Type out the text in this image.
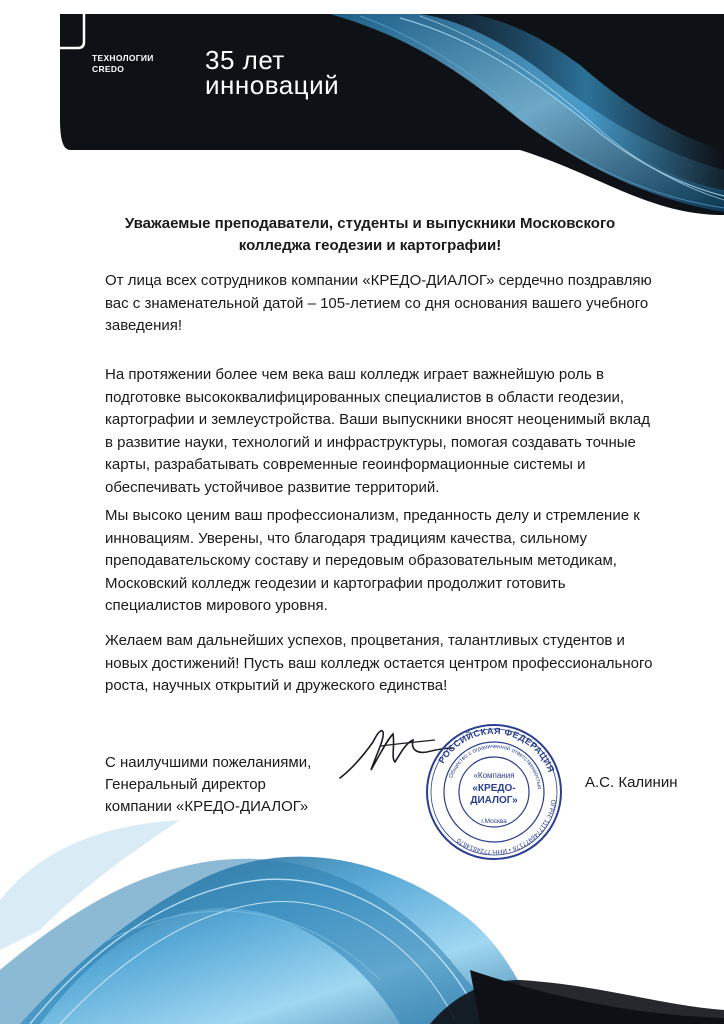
ТЕХНОЛОГИИ
CREDO	35 лет
инноваций
Уважаемые преподаватели, студенты и выпускники Московского
колледжа геодезии и картографии!
От лица всех сотрудников компании «КРЕДО-ДИАЛОГ» сердечно поздравляю
вас с знаменательной датой – 105-летием со дня основания вашего учебного
заведения!
На протяжении более чем века ваш колледж играет важнейшую роль в
подготовке высококвалифицированных специалистов в области геодезии,
картографии и землеустройства. Ваши выпускники вносят неоценимый вклад
в развитие науки, технологий и инфраструктуры, помогая создавать точные
карты, разрабатывать современные геоинформационные системы и
обеспечивать устойчивое развитие территорий.
Мы высоко ценим ваш профессионализм, преданность делу и стремление к
инновациям. Уверены, что благодаря традициям качества, сильному
преподавательскому составу и передовым образовательным методикам,
Московский колледж геодезии и картографии продолжит готовить
специалистов мирового уровня.
Желаем вам дальнейших успехов, процветания, талантливых студентов и
новых достижений! Пусть ваш колледж остается центром профессионального
роста, научных открытий и дружеского единства!
С наилучшими пожеланиями,
Генеральный директор
компании «КРЕДО-ДИАЛОГ»
РОССИЙСКАЯ ФЕДЕРАЦИЯ
ОГРН: 1117746977176 • ИНН:7724814670
Общество с ограниченной ответственностью
«Компания
«КРЕДО-
ДИАЛОГ»
г.Москва
А.С. Калинин
